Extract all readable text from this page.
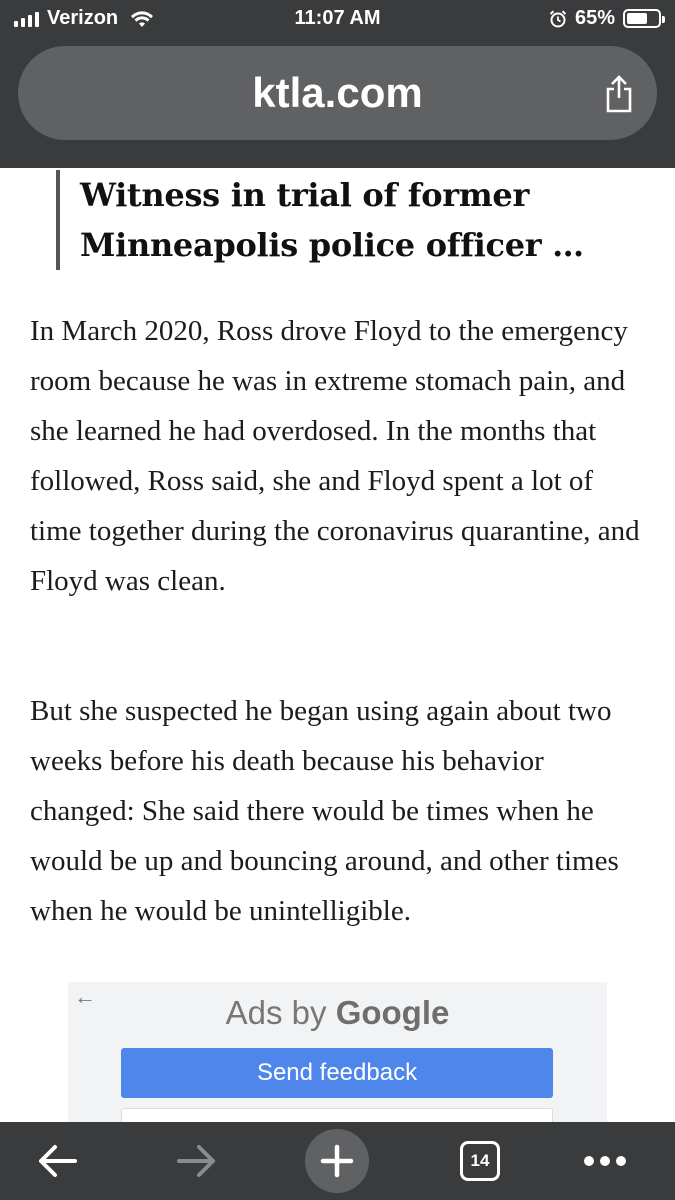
Verizon	11:07 AM	65%
ktla.com
Witness in trial of former Minneapolis police officer …

In March 2020, Ross drove Floyd to the emergency room because he was in extreme stomach pain, and she learned he had overdosed. In the months that followed, Ross said, she and Floyd spent a lot of time together during the coronavirus quarantine, and Floyd was clean.

But she suspected he began using again about two weeks before his death because his behavior changed: She said there would be times when he would be up and bouncing around, and other times when he would be unintelligible.

←	Ads by Google
Send feedback
14
